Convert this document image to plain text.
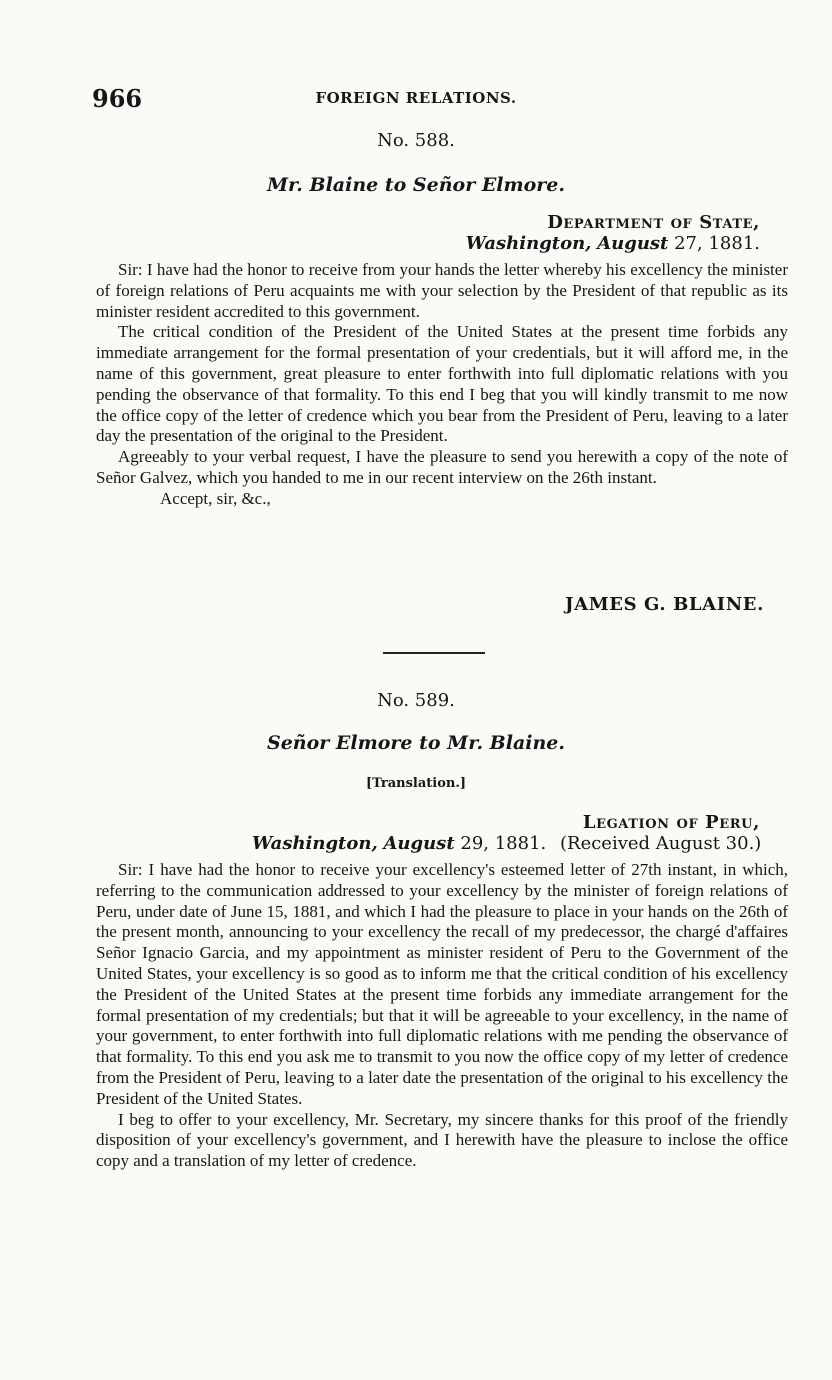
966	FOREIGN RELATIONS.
No. 588.
Mr. Blaine to Señor Elmore.
Department of State,
Washington, August 27, 1881.

Sir: I have had the honor to receive from your hands the letter whereby his excellency the minister of foreign relations of Peru acquaints me with your selection by the President of that republic as its minister resident accredited to this government.

The critical condition of the President of the United States at the present time forbids any immediate arrangement for the formal presentation of your credentials, but it will afford me, in the name of this government, great pleasure to enter forthwith into full diplomatic relations with you pending the observance of that formality. To this end I beg that you will kindly transmit to me now the office copy of the letter of credence which you bear from the President of Peru, leaving to a later day the presentation of the original to the President.

Agreeably to your verbal request, I have the pleasure to send you herewith a copy of the note of Señor Galvez, which you handed to me in our recent interview on the 26th instant.

Accept, sir, &c.,

JAMES G. BLAINE.
No. 589.
Señor Elmore to Mr. Blaine.
[Translation.]
Legation of Peru,
Washington, August 29, 1881. (Received August 30.)

Sir: I have had the honor to receive your excellency's esteemed letter of 27th instant, in which, referring to the communication addressed to your excellency by the minister of foreign relations of Peru, under date of June 15, 1881, and which I had the pleasure to place in your hands on the 26th of the present month, announcing to your excellency the recall of my predecessor, the chargé d'affaires Señor Ignacio Garcia, and my appointment as minister resident of Peru to the Government of the United States, your excellency is so good as to inform me that the critical condition of his excellency the President of the United States at the present time forbids any immediate arrangement for the formal presentation of my credentials; but that it will be agreeable to your excellency, in the name of your government, to enter forthwith into full diplomatic relations with me pending the observance of that formality. To this end you ask me to transmit to you now the office copy of my letter of credence from the President of Peru, leaving to a later date the presentation of the original to his excellency the President of the United States.

I beg to offer to your excellency, Mr. Secretary, my sincere thanks for this proof of the friendly disposition of your excellency's government, and I herewith have the pleasure to inclose the office copy and a translation of my letter of credence.
